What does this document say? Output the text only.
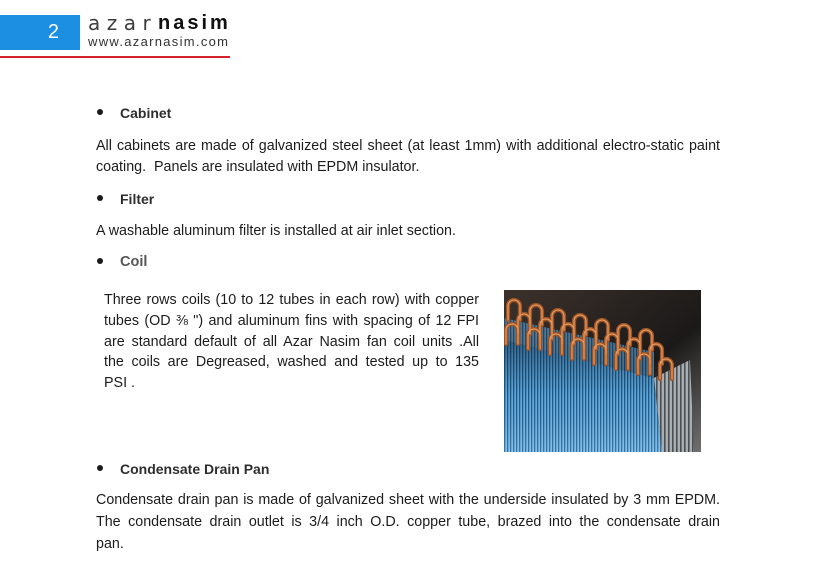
2 azar nasim
www.azarnasim.com
Cabinet
All cabinets are made of galvanized steel sheet (at least 1mm) with additional electro-static paint
coating.  Panels are insulated with EPDM insulator.
Filter
A washable aluminum filter is installed at air inlet section.
Coil
Three rows coils (10 to 12 tubes in each row) with copper
tubes (OD ⅜ ") and aluminum fins with spacing of 12 FPI
are standard default of all Azar Nasim fan coil units .All
the coils are Degreased, washed and tested up to 135
PSI .
Condensate Drain Pan
Condensate drain pan is made of galvanized sheet with the underside insulated by 3 mm EPDM.
The condensate drain outlet is 3/4 inch O.D. copper tube, brazed into the condensate drain
pan.
